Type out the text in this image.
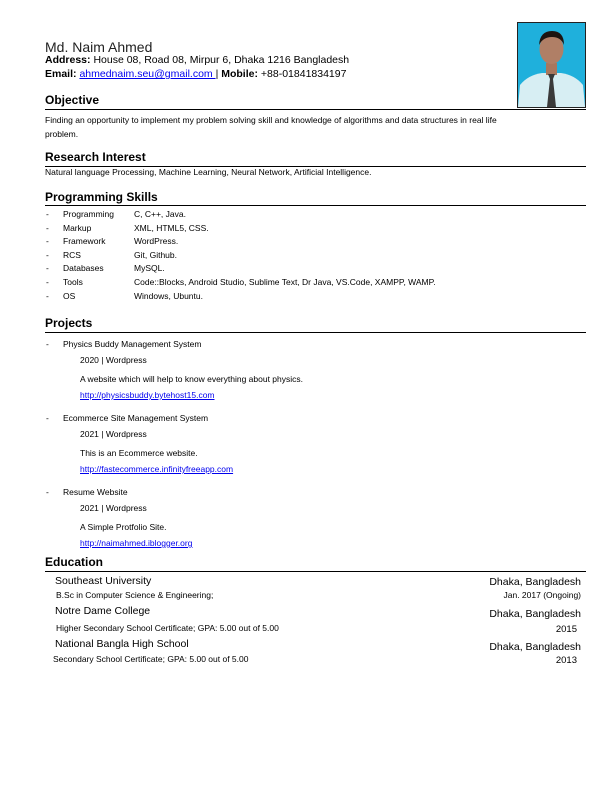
Md. Naim Ahmed
Address: House 08, Road 08, Mirpur 6, Dhaka 1216 Bangladesh
Email: ahmednaim.seu@gmail.com | Mobile: +88-01841834197
Objective
Finding an opportunity to implement my problem solving skill and knowledge of algorithms and data structures in real life
problem.
Research Interest
Natural language Processing, Machine Learning, Neural Network, Artificial Intelligence.
Programming Skills
- Programming C, C++, Java.
- Markup	XML, HTML5, CSS.
- Framework	WordPress.
- RCS	Git, Github.
- Databases	MySQL.
- Tools	Code::Blocks, Android Studio, Sublime Text, Dr Java, VS.Code, XAMPP, WAMP.
- OS	Windows, Ubuntu.
Projects
- Physics Buddy Management System
2020 | Wordpress
A website which will help to know everything about physics.
http://physicsbuddy.bytehost15.com
- Ecommerce Site Management System
2021 | Wordpress
This is an Ecommerce website.
http://fastecommerce.infinityfreeapp.com
- Resume Website
2021 | Wordpress
A Simple Protfolio Site.
http://naimahmed.iblogger.org
Education
Southeast University	Dhaka, Bangladesh
B.Sc in Computer Science & Engineering;	Jan. 2017 (Ongoing)
Notre Dame College	Dhaka, Bangladesh
Higher Secondary School Certificate; GPA: 5.00 out of 5.00	2015
National Bangla High School	Dhaka, Bangladesh
Secondary School Certificate; GPA: 5.00 out of 5.00	2013
